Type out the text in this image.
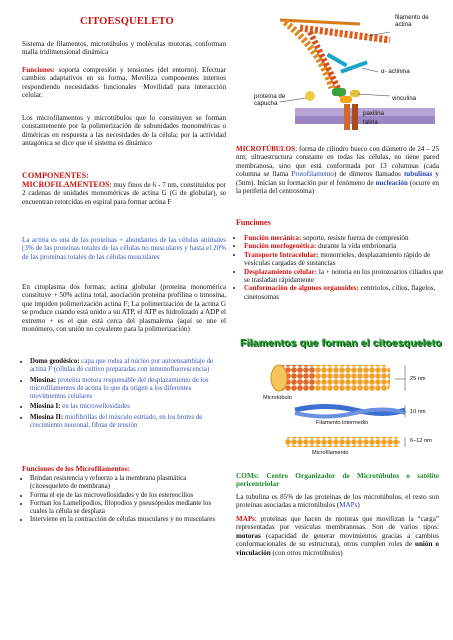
CITOESQUELETO

Sistema de filamentos, microtúbulos y moléculas motoras, conforman malla tridimensional dinámica

Funciones: soporta compresión y tensiones (del entorno). Efectuar cambios adaptativos en su forma, Moviliza componentes internos respondiendo necesidades funcionales ·Movilidad para interacción celular.

Los microfilamentos y microtúbulos que lo constituyen se forman constantemente por la polimerización de subunidades monoméricas o diméricas en respuesta a las necesidades de la célula; por la actividad antagónica se dice que el sistema es dinámico

COMPONENTES:

MICROFILAMENTEOS: muy finos de 6 - 7 nm, constituidos por 2 cadenas de unidades monoméricas de actina G (G de globular), se encuentran retorcidas en espiral para formar actina F

La actina es una de las proteínas + abundantes de las células animales (3% de las proteínas totales de las células no musculares y hasta el 20% de las proteínas totales de las células musculares

En citoplasma dos formas; actina globular (proteína monomérica constituye + 50% actina total, asociación proteína profilina o timosina, que impiden polimerización actina F; La polimerización de la actina G se produce cuando está unido a un ATP, el ATP es hidrolizado a ADP el extremo + es el que está cerca del plasmalema (aquí se une el monómero, con unión no covalente para la polimerización)

• Domo geodésico: capa que rodea al núcleo por autoensamblaje de actina F (células de cultivo preparadas con inmunofluorescencia)
• Miosina: proteína motora responsable del desplazamiento de los microfilamentos de actina lo que da origen a los diferentes movimientos celulares
• Miosina I: en las microvellosidades
• Miosina II: miofibrillas del músculo estriado, en los brotes de crecimiento neuronal, fibras de tensión

Funciones de los Microfilamentos:

• Brindan resistencia y refuerzo a la membrana plasmática (citoesqueleto de membrana)
• Forma el eje de las microvellosidades y de los estereocilios
• Forman los Lamelipodios, filopodios y pseusópodos mediante los cuales la célula se desplaza
• Interviene en la contracción de células musculares y no musculares
filamento de actina
α- actinina
proteína de capucha
vinculina
paxilina
talina

MICROTÚBULOS: forma de cilindro hueco con diámetro de 24 – 25 nm; ultraestructura constante en todas las células, no tiene pared membranosa, sino que está conformada por 13 columnas (cada columna se llama Protofilamento) de dímeros llamados tubulinas y (5nm). Inician su formación por el fenómeno de nucleación (ocurre en la periferia del centrosoma)

Funciones

• Función mecánica: soporte, resiste fuerza de compresión
• Función morfogenética: durante la vida embrionaria
• Transporte Intracelular: monorrieles, desplazamiento rápido de vesículas cargadas de sustancias
• Desplazamiento celular: la + notoria en los protozoarios ciliados que se trasladan rápidamente
• Conformación de algunos organoides: centriolos, cilios, flagelos, cinetosomas
Filamentos que forman el citoesqueleto
Microtúbulo
25 nm
Filamento intermedio
10 nm
Microfilamento
6–12 nm

COMs: Centro Organizador de Microtúbulos o satélite pericentriolar

La tubulina es 85% de las proteínas de los microtúbulos, el resto son proteínas asociadas a microtúbulos (MAPs)

MAPs: proteínas que hacen de motoras que movilizan la “carga” representadas por vesículas membranosas. Son de varios tipos: motoras (capacidad de generar movimientos gracias a cambios conformacionales de su estructura), otros cumplen roles de unión o vinculación (con otros microtúbulos)
